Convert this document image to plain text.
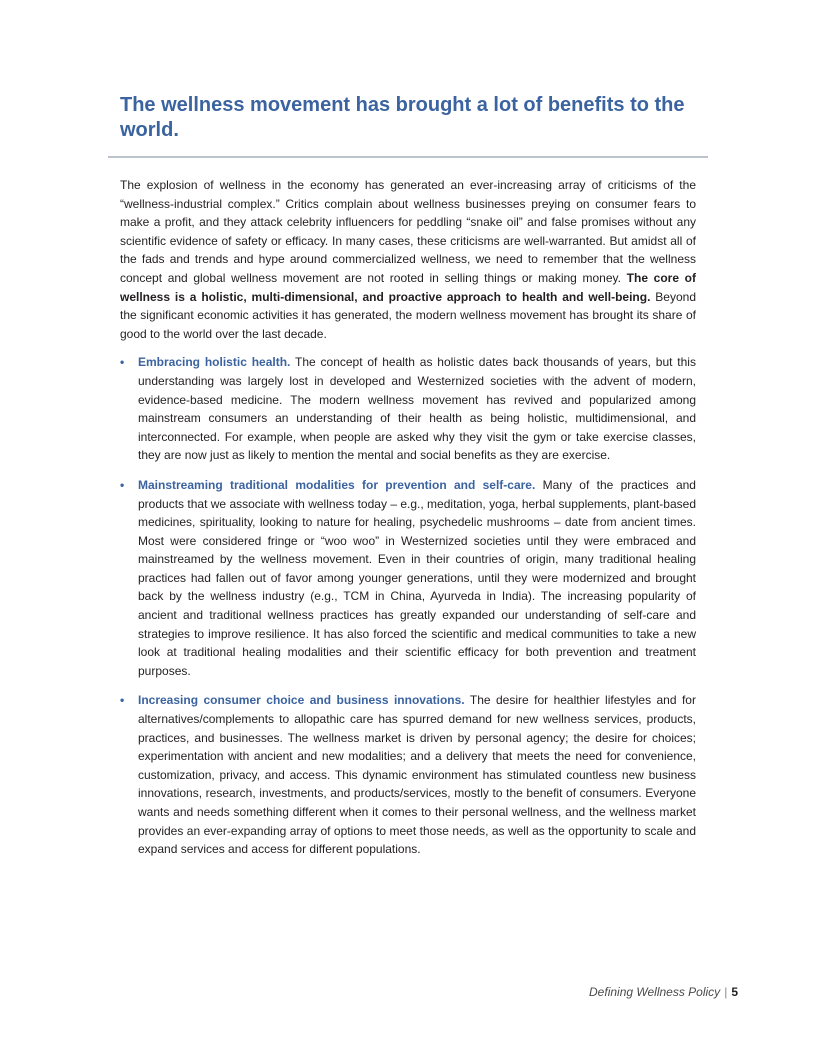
The wellness movement has brought a lot of benefits to the world.

The explosion of wellness in the economy has generated an ever-increasing array of criticisms of the “wellness-industrial complex.” Critics complain about wellness businesses preying on consumer fears to make a profit, and they attack celebrity influencers for peddling “snake oil” and false promises without any scientific evidence of safety or efficacy. In many cases, these criticisms are well-warranted. But amidst all of the fads and trends and hype around commercialized wellness, we need to remember that the wellness concept and global wellness movement are not rooted in selling things or making money. The core of wellness is a holistic, multi-dimensional, and proactive approach to health and well-being. Beyond the significant economic activities it has generated, the modern wellness movement has brought its share of good to the world over the last decade.

• Embracing holistic health. The concept of health as holistic dates back thousands of years, but this understanding was largely lost in developed and Westernized societies with the advent of modern, evidence-based medicine. The modern wellness movement has revived and popularized among mainstream consumers an understanding of their health as being holistic, multidimensional, and interconnected. For example, when people are asked why they visit the gym or take exercise classes, they are now just as likely to mention the mental and social benefits as they are exercise.
• Mainstreaming traditional modalities for prevention and self-care. Many of the practices and products that we associate with wellness today – e.g., meditation, yoga, herbal supplements, plant-based medicines, spirituality, looking to nature for healing, psychedelic mushrooms – date from ancient times. Most were considered fringe or “woo woo” in Westernized societies until they were embraced and mainstreamed by the wellness movement. Even in their countries of origin, many traditional healing practices had fallen out of favor among younger generations, until they were modernized and brought back by the wellness industry (e.g., TCM in China, Ayurveda in India). The increasing popularity of ancient and traditional wellness practices has greatly expanded our understanding of self-care and strategies to improve resilience. It has also forced the scientific and medical communities to take a new look at traditional healing modalities and their scientific efficacy for both prevention and treatment purposes.
• Increasing consumer choice and business innovations. The desire for healthier lifestyles and for alternatives/complements to allopathic care has spurred demand for new wellness services, products, practices, and businesses. The wellness market is driven by personal agency; the desire for choices; experimentation with ancient and new modalities; and a delivery that meets the need for convenience, customization, privacy, and access. This dynamic environment has stimulated countless new business innovations, research, investments, and products/services, mostly to the benefit of consumers. Everyone wants and needs something different when it comes to their personal wellness, and the wellness market provides an ever-expanding array of options to meet those needs, as well as the opportunity to scale and expand services and access for different populations.
Defining Wellness Policy | 5
